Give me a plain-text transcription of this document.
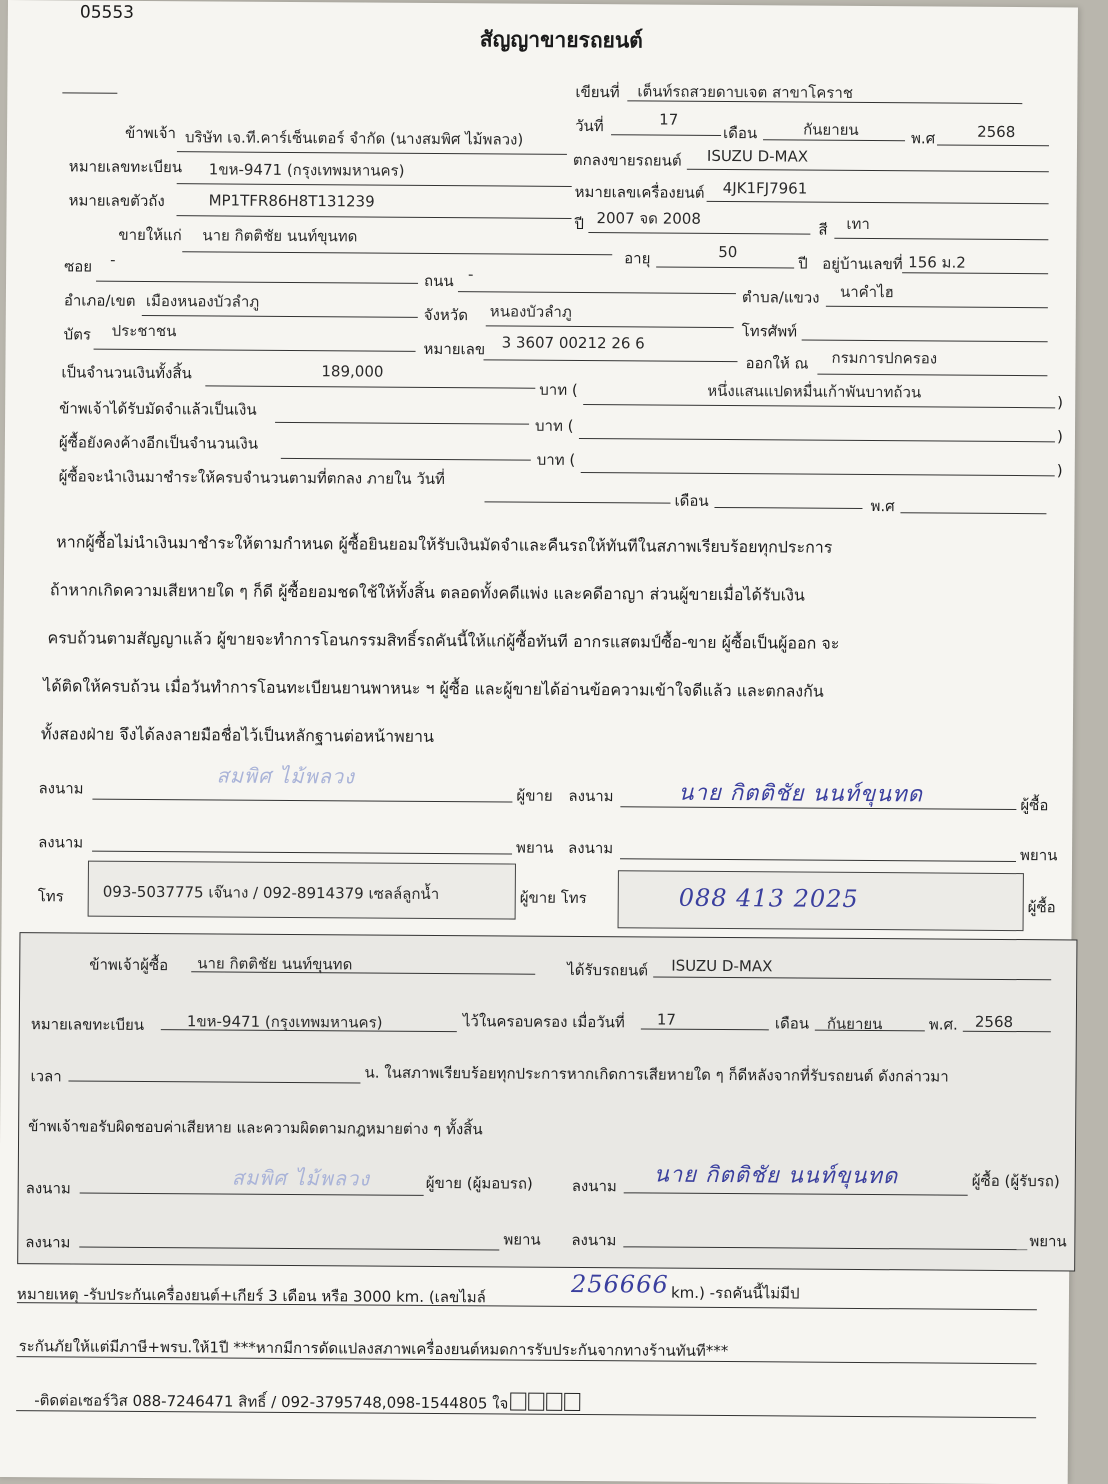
05553
สัญญาขายรถยนต์
เขียนที่ เต็นท์รถสวยดาบเจต สาขาโคราช
วันที่	17
เดือน	กันยายน	พ.ศ	2568
ข้าพเจ้า บริษัท เจ.ที.คาร์เซ็นเตอร์ จำกัด (นางสมพิศ ไม้พลวง)
ตกลงขายรถยนต์ ISUZU D-MAX
หมายเลขทะเบียน 1ขห-9471 (กรุงเทพมหานคร)
หมายเลขเครื่องยนต์ 4JK1FJ7961
หมายเลขตัวถัง	MP1TFR86H8T131239
ปี 2007 จด 2008
สี เทา
ขายให้แก่ นาย กิตติชัย นนท์ขุนทด
อายุ	50
ปี อยู่บ้านเลขที่ 156 ม.2
ซอย -
ถนน -
ตำบล/แขวง นาคำไฮ
อำเภอ/เขต เมืองหนองบัวลำภู
จังหวัด หนองบัวลำภู
โทรศัพท์
บัตร ประชาชน
หมายเลข 3 3607 00212 26 6
ออกให้ ณ กรมการปกครอง
เป็นจำนวนเงินทั้งสิ้น	189,000
บาท (	หนึ่งแสนแปดหมื่นเก้าพันบาทถ้วน
)
ข้าพเจ้าได้รับมัดจำแล้วเป็นเงิน
บาท (
)
ผู้ซื้อยังคงค้างอีกเป็นจำนวนเงิน
บาท (
)
ผู้ซื้อจะนำเงินมาชำระให้ครบจำนวนตามที่ตกลง ภายใน วันที่
เดือน	พ.ศ
หากผู้ซื้อไม่นำเงินมาชำระให้ตามกำหนด ผู้ซื้อยินยอมให้รับเงินมัดจำและคืนรถให้ทันทีในสภาพเรียบร้อยทุกประการ
ถ้าหากเกิดความเสียหายใด ๆ ก็ดี ผู้ซื้อยอมชดใช้ให้ทั้งสิ้น ตลอดทั้งคดีแพ่ง และคดีอาญา ส่วนผู้ขายเมื่อได้รับเงิน
ครบถ้วนตามสัญญาแล้ว ผู้ขายจะทำการโอนกรรมสิทธิ์รถคันนี้ให้แก่ผู้ซื้อทันที อากรแสตมป์ซื้อ-ขาย ผู้ซื้อเป็นผู้ออก จะ
ได้ติดให้ครบถ้วน เมื่อวันทำการโอนทะเบียนยานพาหนะ ฯ ผู้ซื้อ และผู้ขายได้อ่านข้อความเข้าใจดีแล้ว และตกลงกัน
ทั้งสองฝ่าย จึงได้ลงลายมือชื่อไว้เป็นหลักฐานต่อหน้าพยาน
ลงนาม	สมพิศ ไม้พลวง
ผู้ขาย ลงนาม	นาย กิตติชัย นนท์ขุนทด	ผู้ซื้อ
ลงนาม	พยาน ลงนาม	พยาน
โทร	093-5037775 เจ๊นาง / 092-8914379 เซลล์ลูกน้ำ	ผู้ขาย โทร	088 413 2025	ผู้ซื้อ
ข้าพเจ้าผู้ซื้อ นาย กิตติชัย นนท์ขุนทด	ได้รับรถยนต์ ISUZU D-MAX
หมายเลขทะเบียน	1ขห-9471 (กรุงเทพมหานคร)	ไว้ในครอบครอง เมื่อวันที่ 17	เดือน กันยายน	พ.ศ. 2568
เวลา	น. ในสภาพเรียบร้อยทุกประการหากเกิดการเสียหายใด ๆ ก็ดีหลังจากที่รับรถยนต์ ดังกล่าวมา
ข้าพเจ้าขอรับผิดชอบค่าเสียหาย และความผิดตามกฎหมายต่าง ๆ ทั้งสิ้น
ลงนาม	สมพิศ ไม้พลวง	ผู้ขาย (ผู้มอบรถ)	ลงนาม นาย กิตติชัย นนท์ขุนทด	ผู้ซื้อ (ผู้รับรถ)
ลงนาม	พยาน ลงนาม	พยาน
หมายเหตุ -รับประกันเครื่องยนต์+เกียร์ 3 เดือน หรือ 3000 km. (เลขไมล์	256666 km.) -รถคันนี้ไม่มีป
ระกันภัยให้แต่มีภาษี+พรบ.ให้1ปี ***หากมีการดัดแปลงสภาพเครื่องยนต์หมดการรับประกันจากทางร้านทันที***
-ติดต่อเซอร์วิส 088-7246471 สิทธิ์ / 092-3795748,098-1544805 ใจ
